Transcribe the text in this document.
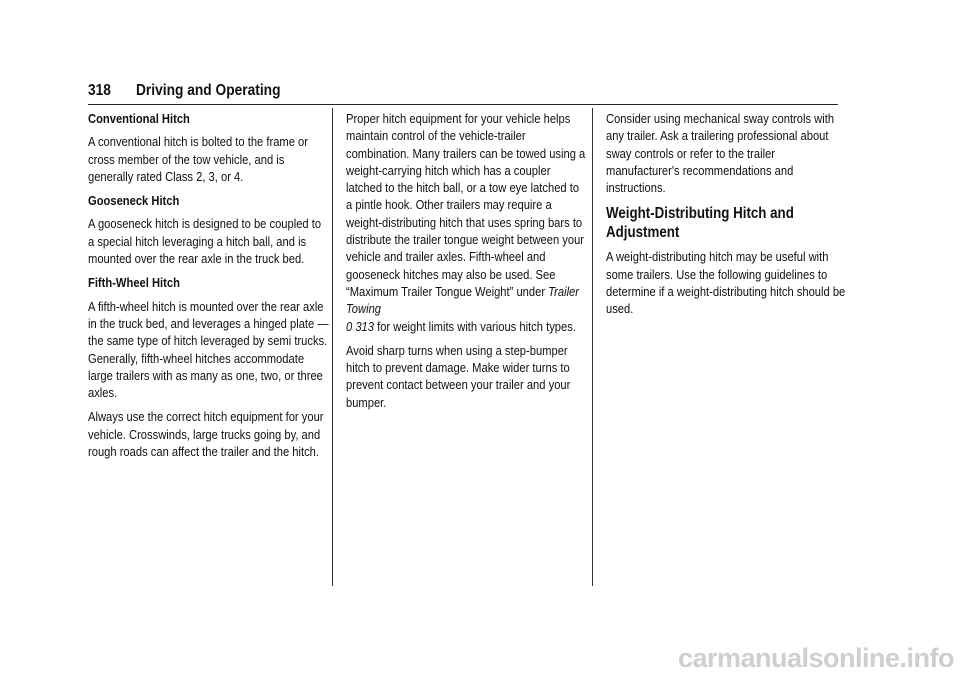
318 Driving and Operating

Conventional Hitch

A conventional hitch is bolted to the frame or cross member of the tow vehicle, and is generally rated Class 2, 3, or 4.

Gooseneck Hitch

A gooseneck hitch is designed to be coupled to a special hitch leveraging a hitch ball, and is mounted over the rear axle in the truck bed.

Fifth-Wheel Hitch

A fifth-wheel hitch is mounted over the rear axle in the truck bed, and leverages a hinged plate — the same type of hitch leveraged by semi trucks. Generally, fifth-wheel hitches accommodate large trailers with as many as one, two, or three axles.

Always use the correct hitch equipment for your vehicle. Crosswinds, large trucks going by, and rough roads can affect the trailer and the hitch.

Proper hitch equipment for your vehicle helps maintain control of the vehicle-trailer combination. Many trailers can be towed using a weight-carrying hitch which has a coupler latched to the hitch ball, or a tow eye latched to a pintle hook. Other trailers may require a weight-distributing hitch that uses spring bars to distribute the trailer tongue weight between your vehicle and trailer axles. Fifth-wheel and gooseneck hitches may also be used. See “Maximum Trailer Tongue Weight” under Trailer Towing
0 313 for weight limits with various hitch types.

Avoid sharp turns when using a step-bumper hitch to prevent damage. Make wider turns to prevent contact between your trailer and your bumper.

Consider using mechanical sway controls with any trailer. Ask a trailering professional about sway controls or refer to the trailer manufacturer's recommendations and instructions.

Weight-Distributing Hitch and Adjustment

A weight-distributing hitch may be useful with some trailers. Use the following guidelines to determine if a weight-distributing hitch should be used.

carmanualsonline.info
